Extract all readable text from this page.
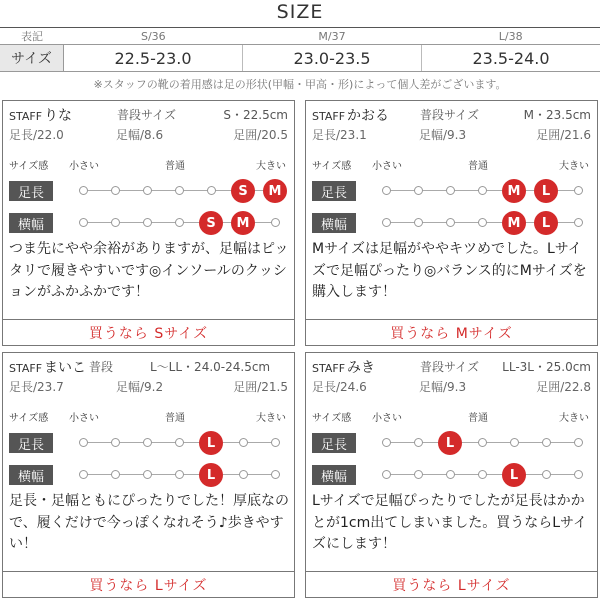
SIZE
表記	S/36	M/37	L/38
サイズ	22.5-23.0	23.0-23.5	23.5-24.0
※スタッフの靴の着用感は足の形状(甲幅・甲高・形)によって個人差がございます。
STAFF りな	普段サイズ	S・22.5cm
足長/22.0	足幅/8.6	足囲/20.5
サイズ感 小さい	普通	大きい
足長	S	M
横幅	S	M
つま先にやや余裕がありますが、足幅はピッタリで履きやすいです◎インソールのクッションがふかふかです！
買うなら Sサイズ
STAFF かおる	普段サイズ	M・23.5cm
足長/23.1	足幅/9.3	足囲/21.6
サイズ感 小さい	普通	大きい
足長	M	L
横幅	M	L
Mサイズは足幅がややキツめでした。Lサイズで足幅ぴったり◎バランス的にMサイズを購入します！
買うなら Mサイズ
STAFF まいこ 普段	L〜LL・24.0-24.5cm
足長/23.7	足幅/9.2	足囲/21.5
サイズ感 小さい	普通	大きい
足長	L
横幅	L
足長・足幅ともにぴったりでした！厚底なので、履くだけで今っぽくなれそう♪歩きやすい！
買うなら Lサイズ
STAFF みき	普段サイズ LL-3L・25.0cm
足長/24.6	足幅/9.3	足囲/22.8
サイズ感 小さい	普通	大きい
足長	L
横幅	L
Lサイズで足幅ぴったりでしたが足長はかかとが1cm出てしまいました。買うならLサイズにします！
買うなら Lサイズ
